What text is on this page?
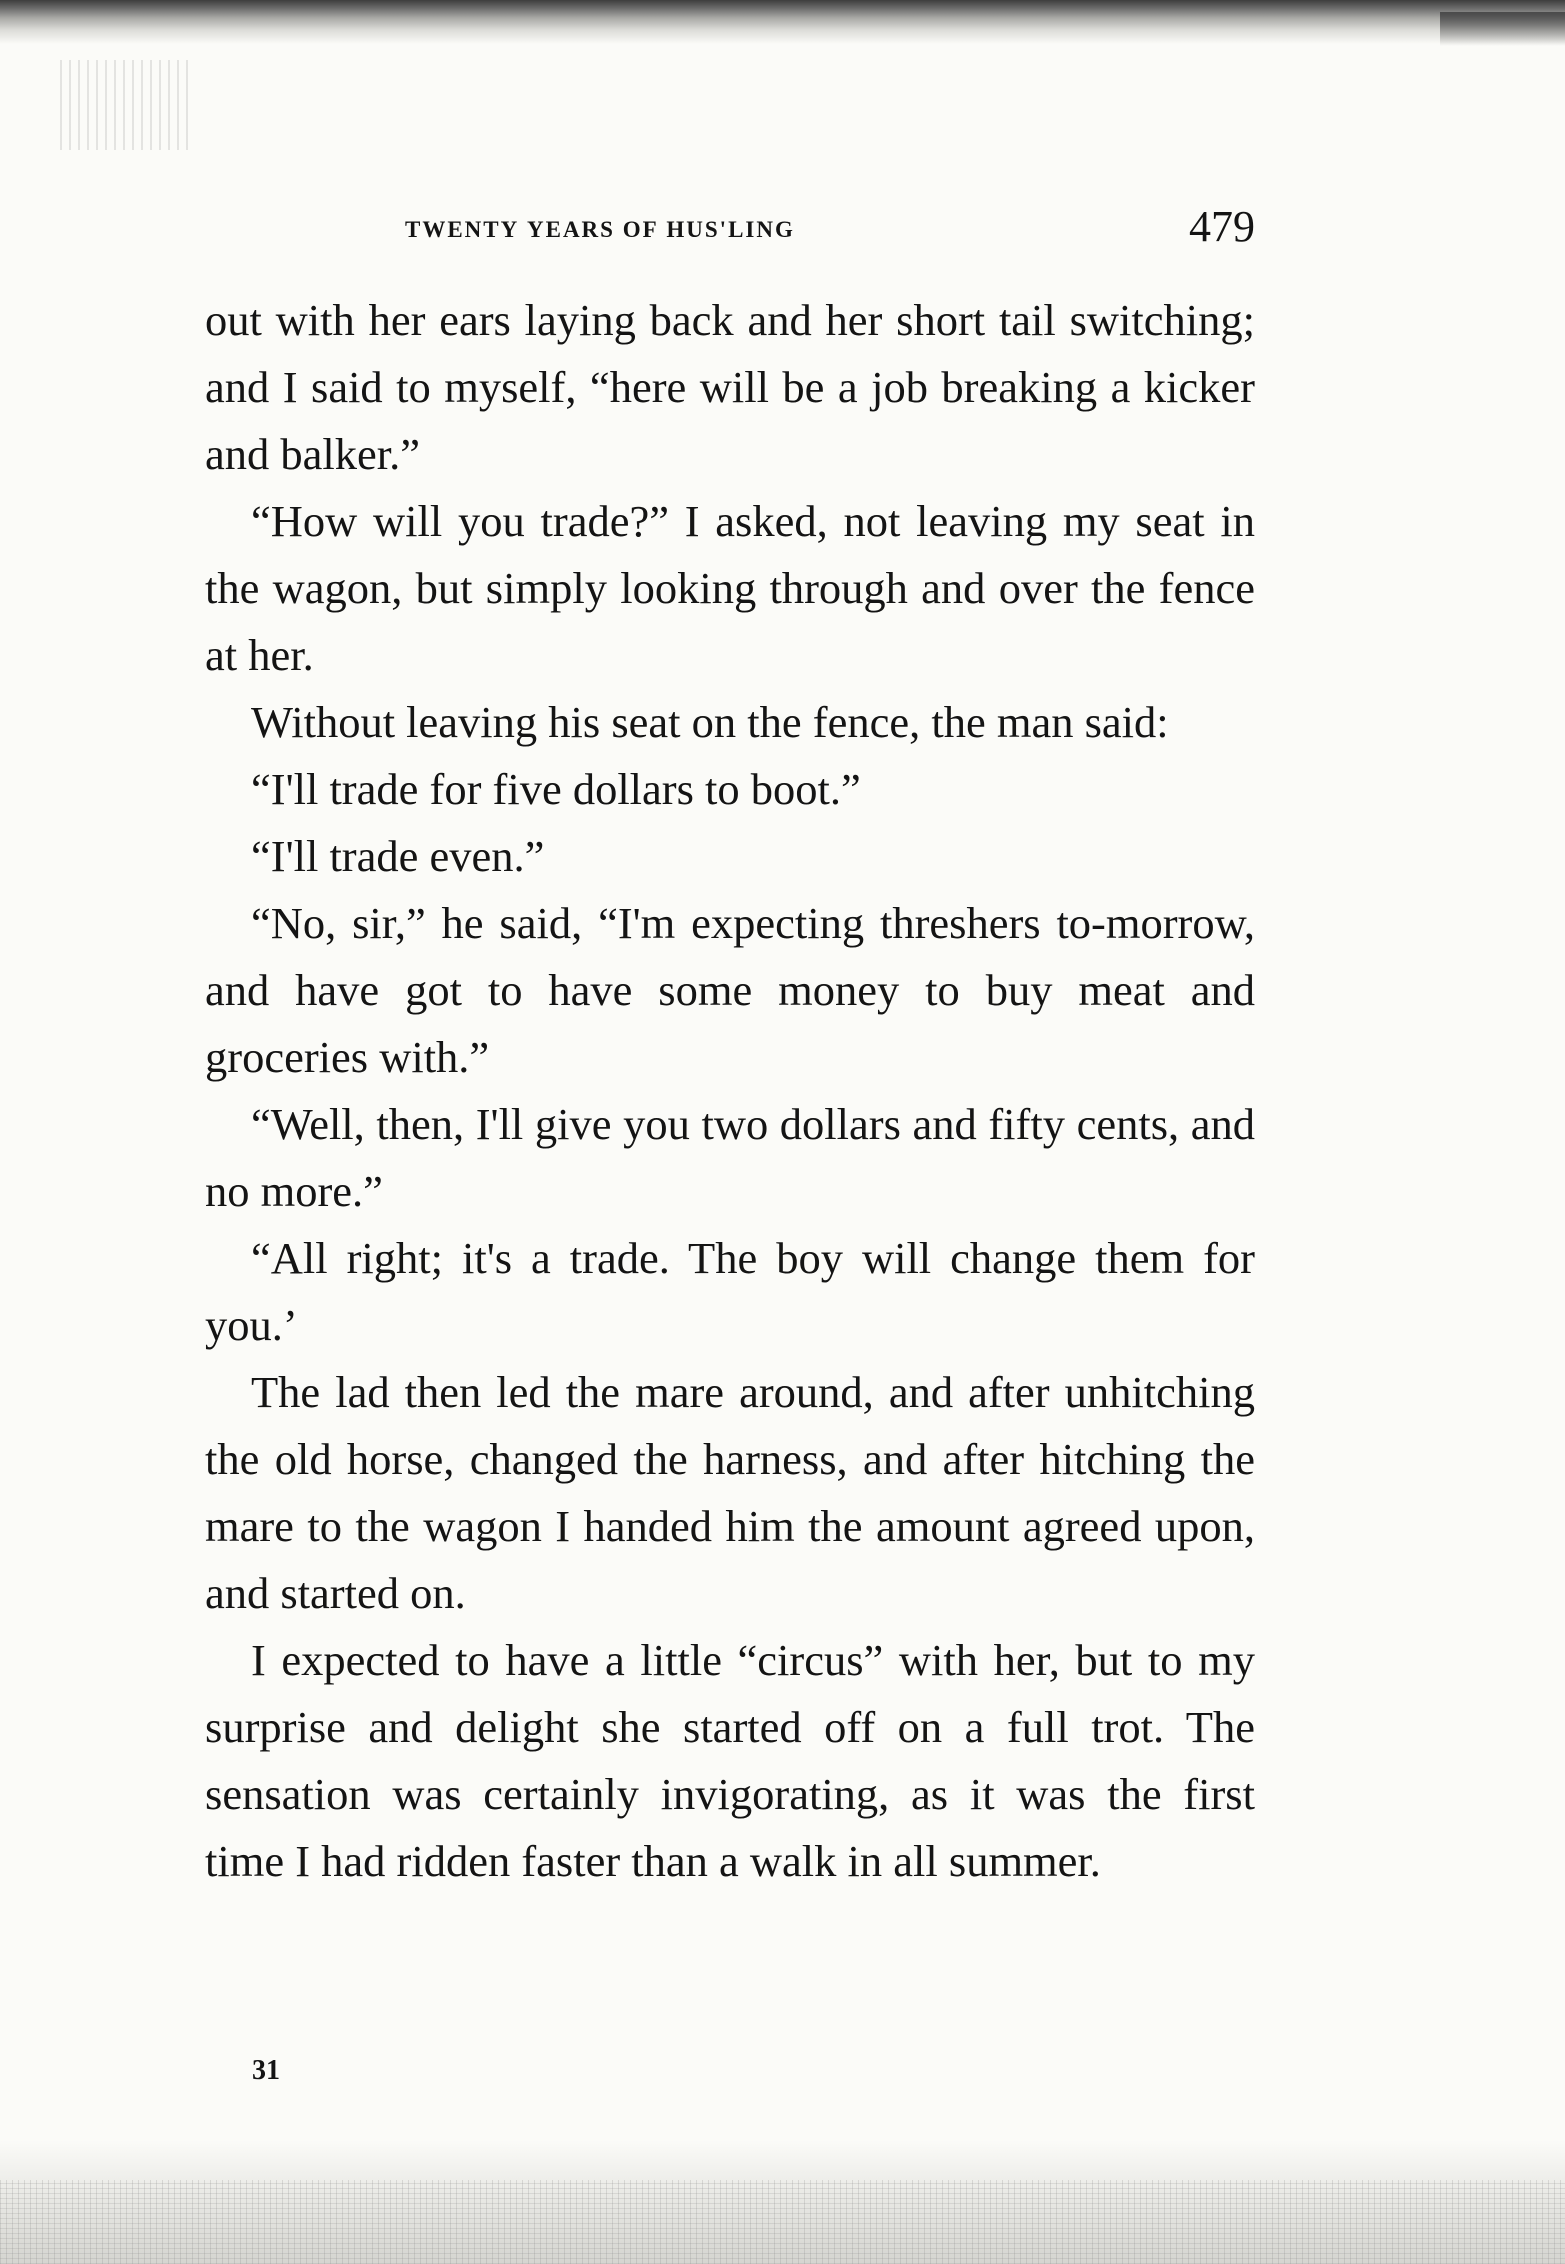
twenty years of hus'ling	479

out with her ears laying back and her short tail switching; and I said to myself, “here will be a job breaking a kicker and balker.”

“How will you trade?” I asked, not leaving my seat in the wagon, but simply looking through and over the fence at her.

Without leaving his seat on the fence, the man said:

“I'll trade for five dollars to boot.”

“I'll trade even.”

“No, sir,” he said, “I'm expecting threshers to-morrow, and have got to have some money to buy meat and groceries with.”

“Well, then, I'll give you two dollars and fifty cents, and no more.”

“All right; it's a trade. The boy will change them for you.’

The lad then led the mare around, and after unhitching the old horse, changed the harness, and after hitching the mare to the wagon I handed him the amount agreed upon, and started on.

I expected to have a little “circus” with her, but to my surprise and delight she started off on a full trot. The sensation was certainly invigorating, as it was the first time I had ridden faster than a walk in all summer.

31
